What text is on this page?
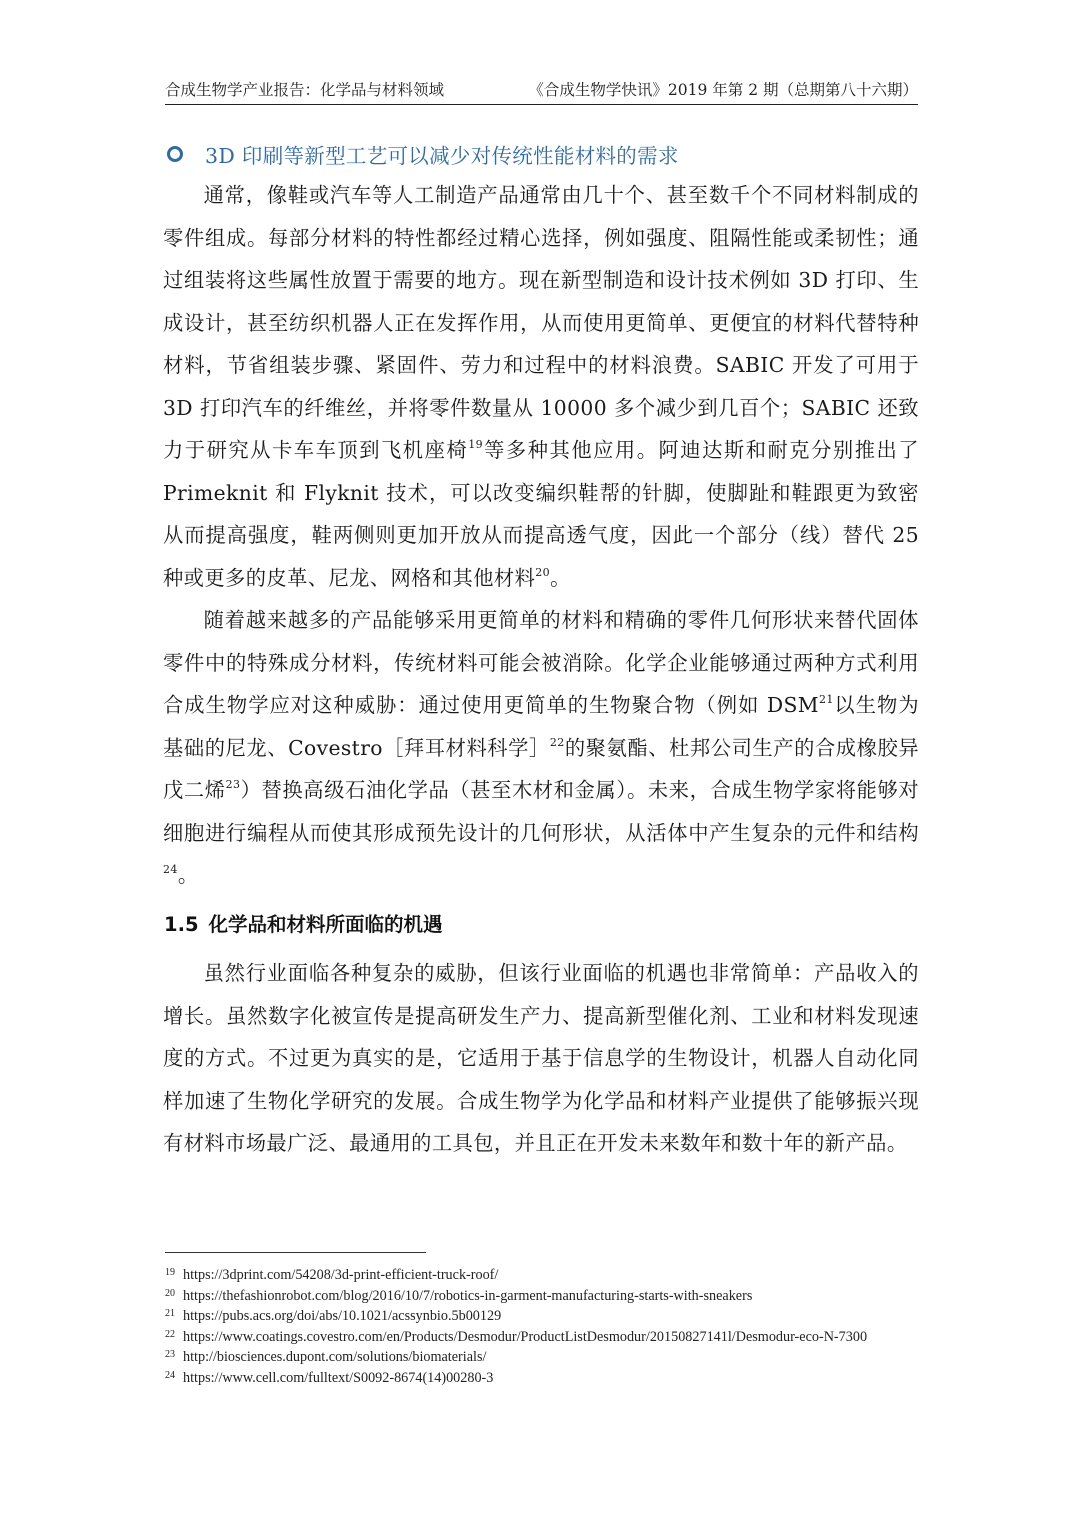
合成生物学产业报告：化学品与材料领域	《合成生物学快讯》2019 年第 2 期（总期第八十六期）
3D 印刷等新型工艺可以减少对传统性能材料的需求

通常，像鞋或汽车等人工制造产品通常由几十个、甚至数千个不同材料制成的零件组成。每部分材料的特性都经过精心选择，例如强度、阻隔性能或柔韧性；通过组装将这些属性放置于需要的地方。现在新型制造和设计技术例如 3D 打印、生成设计，甚至纺织机器人正在发挥作用，从而使用更简单、更便宜的材料代替特种材料，节省组装步骤、紧固件、劳力和过程中的材料浪费。SABIC 开发了可用于 3D 打印汽车的纤维丝，并将零件数量从 10000 多个减少到几百个；SABIC 还致力于研究从卡车车顶到飞机座椅$^{19}$等多种其他应用。阿迪达斯和耐克分别推出了 Primeknit 和 Flyknit 技术，可以改变编织鞋帮的针脚，使脚趾和鞋跟更为致密从而提高强度，鞋两侧则更加开放从而提高透气度，因此一个部分（线）替代 25 种或更多的皮革、尼龙、网格和其他材料$^{20}$。

随着越来越多的产品能够采用更简单的材料和精确的零件几何形状来替代固体零件中的特殊成分材料，传统材料可能会被消除。化学企业能够通过两种方式利用合成生物学应对这种威胁：通过使用更简单的生物聚合物（例如 DSM$^{21}$以生物为基础的尼龙、Covestro［拜耳材料科学］$^{22}$的聚氨酯、杜邦公司生产的合成橡胶异戊二烯$^{23}$）替换高级石油化学品（甚至木材和金属）。未来，合成生物学家将能够对细胞进行编程从而使其形成预先设计的几何形状，从活体中产生复杂的元件和结构$^{24}$。

1.5 化学品和材料所面临的机遇

虽然行业面临各种复杂的威胁，但该行业面临的机遇也非常简单：产品收入的增长。虽然数字化被宣传是提高研发生产力、提高新型催化剂、工业和材料发现速度的方式。不过更为真实的是，它适用于基于信息学的生物设计，机器人自动化同样加速了生物化学研究的发展。合成生物学为化学品和材料产业提供了能够振兴现有材料市场最广泛、最通用的工具包，并且正在开发未来数年和数十年的新产品。

$^{19}$ https://3dprint.com/54208/3d-print-efficient-truck-roof/
$^{20}$ https://thefashionrobot.com/blog/2016/10/7/robotics-in-garment-manufacturing-starts-with-sneakers
$^{21}$ https://pubs.acs.org/doi/abs/10.1021/acssynbio.5b00129
$^{22}$ https://www.coatings.covestro.com/en/Products/Desmodur/ProductListDesmodur/20150827141l/Desmodur-eco-N-7300
$^{23}$ http://biosciences.dupont.com/solutions/biomaterials/
$^{24}$ https://www.cell.com/fulltext/S0092-8674(14)00280-3
